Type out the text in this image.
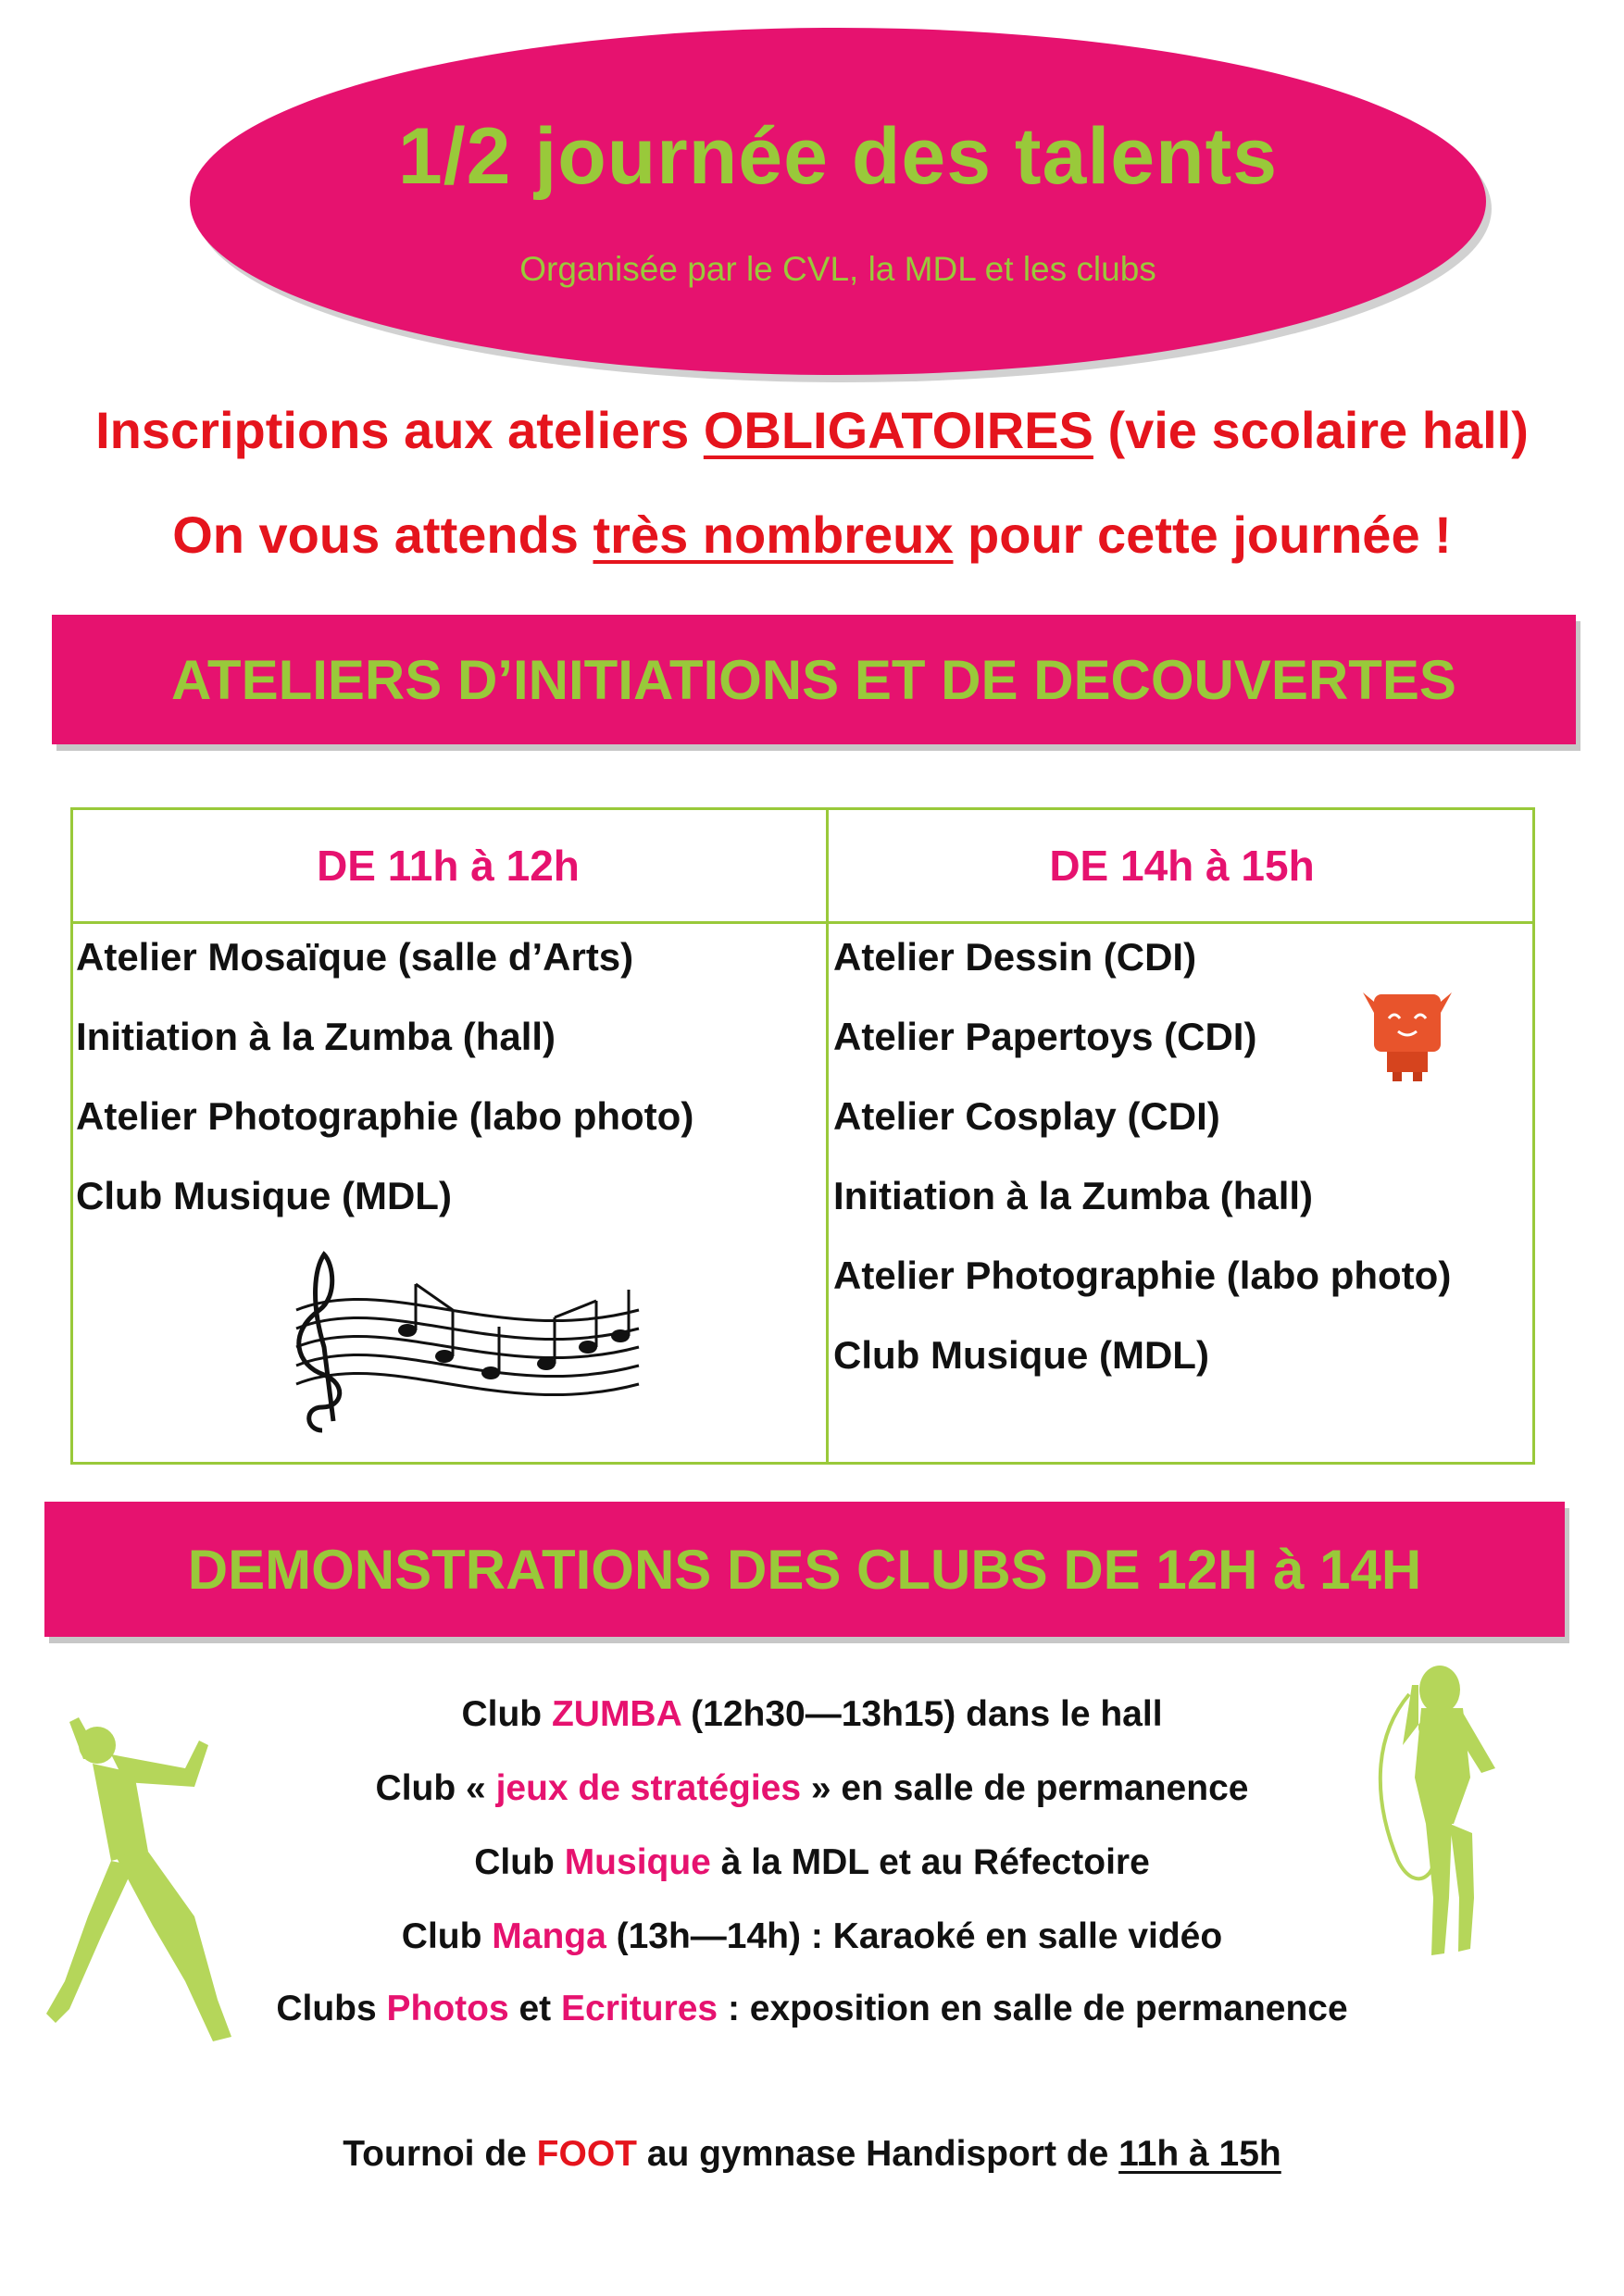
1/2 journée des talents
Organisée par le CVL, la MDL et les clubs
Inscriptions aux ateliers OBLIGATOIRES (vie scolaire hall)
On vous attends très nombreux pour cette journée !
ATELIERS D’INITIATIONS ET DE DECOUVERTES
DE 11h à 12h	DE 14h à 15h
Atelier Mosaïque (salle d’Arts)
Initiation à la Zumba (hall)
Atelier Photographie (labo photo)
Club Musique (MDL)
Atelier Dessin (CDI)
Atelier Papertoys (CDI)
Atelier Cosplay (CDI)
Initiation à la Zumba (hall)
Atelier Photographie (labo photo)
Club Musique (MDL)
DEMONSTRATIONS DES CLUBS DE 12H à 14H
Club ZUMBA (12h30—13h15) dans le hall
Club « jeux de stratégies » en salle de permanence
Club Musique à la MDL et au Réfectoire
Club Manga (13h—14h) : Karaoké en salle vidéo
Clubs Photos et Ecritures : exposition en salle de permanence
Tournoi de FOOT au gymnase Handisport de 11h à 15h
